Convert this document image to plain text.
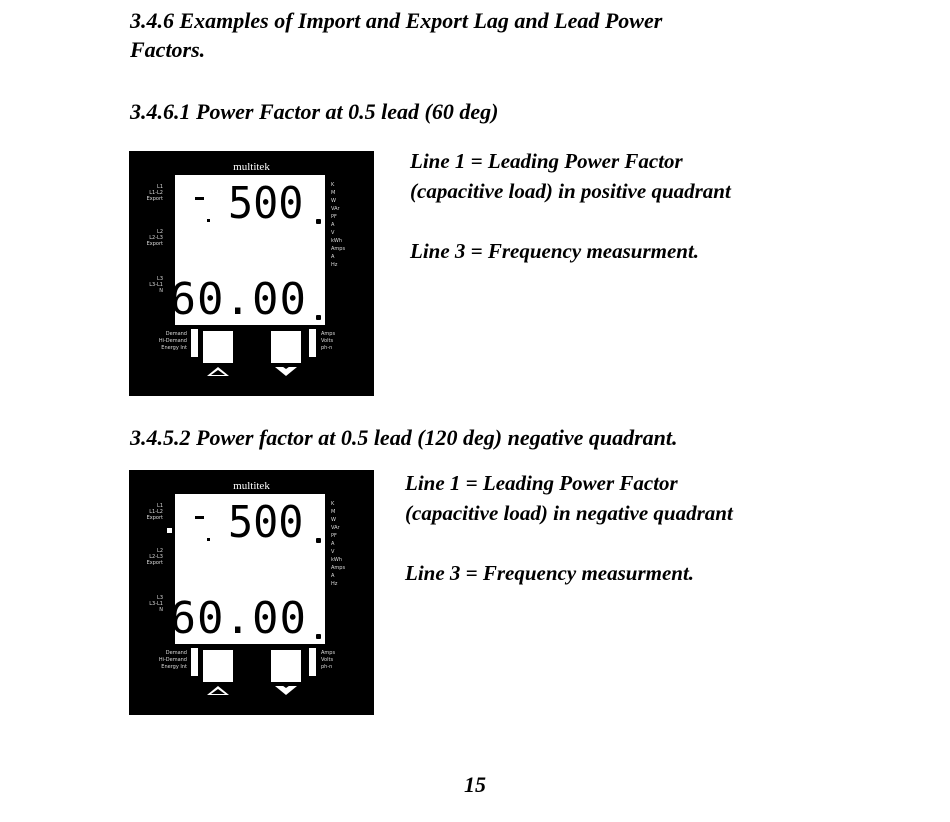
3.4.6 Examples of Import and Export Lag and Lead Power
Factors.
3.4.6.1 Power Factor at 0.5 lead (60 deg)
multitek
L1
L1-L2
Export
L2
L2-L3
Export
L3
L3-L1
N
500
60.00
K
M
W
VAr
PF
A
V
kWh
Amps
A
Hz
Demand
Hi-Demand
Energy Int
Amps
Volts
ph-n
Line 1 = Leading Power Factor
(capacitive load) in positive quadrant
Line 3 = Frequency measurment.
3.4.5.2 Power factor at 0.5 lead (120 deg) negative quadrant.
multitek
L1
L1-L2
Export
L2
L2-L3
Export
L3
L3-L1
N
500
60.00
K
M
W
VAr
PF
A
V
kWh
Amps
A
Hz
Demand
Hi-Demand
Energy Int
Amps
Volts
ph-n
Line 1 = Leading Power Factor
(capacitive load) in negative quadrant
Line 3 = Frequency measurment.
15
